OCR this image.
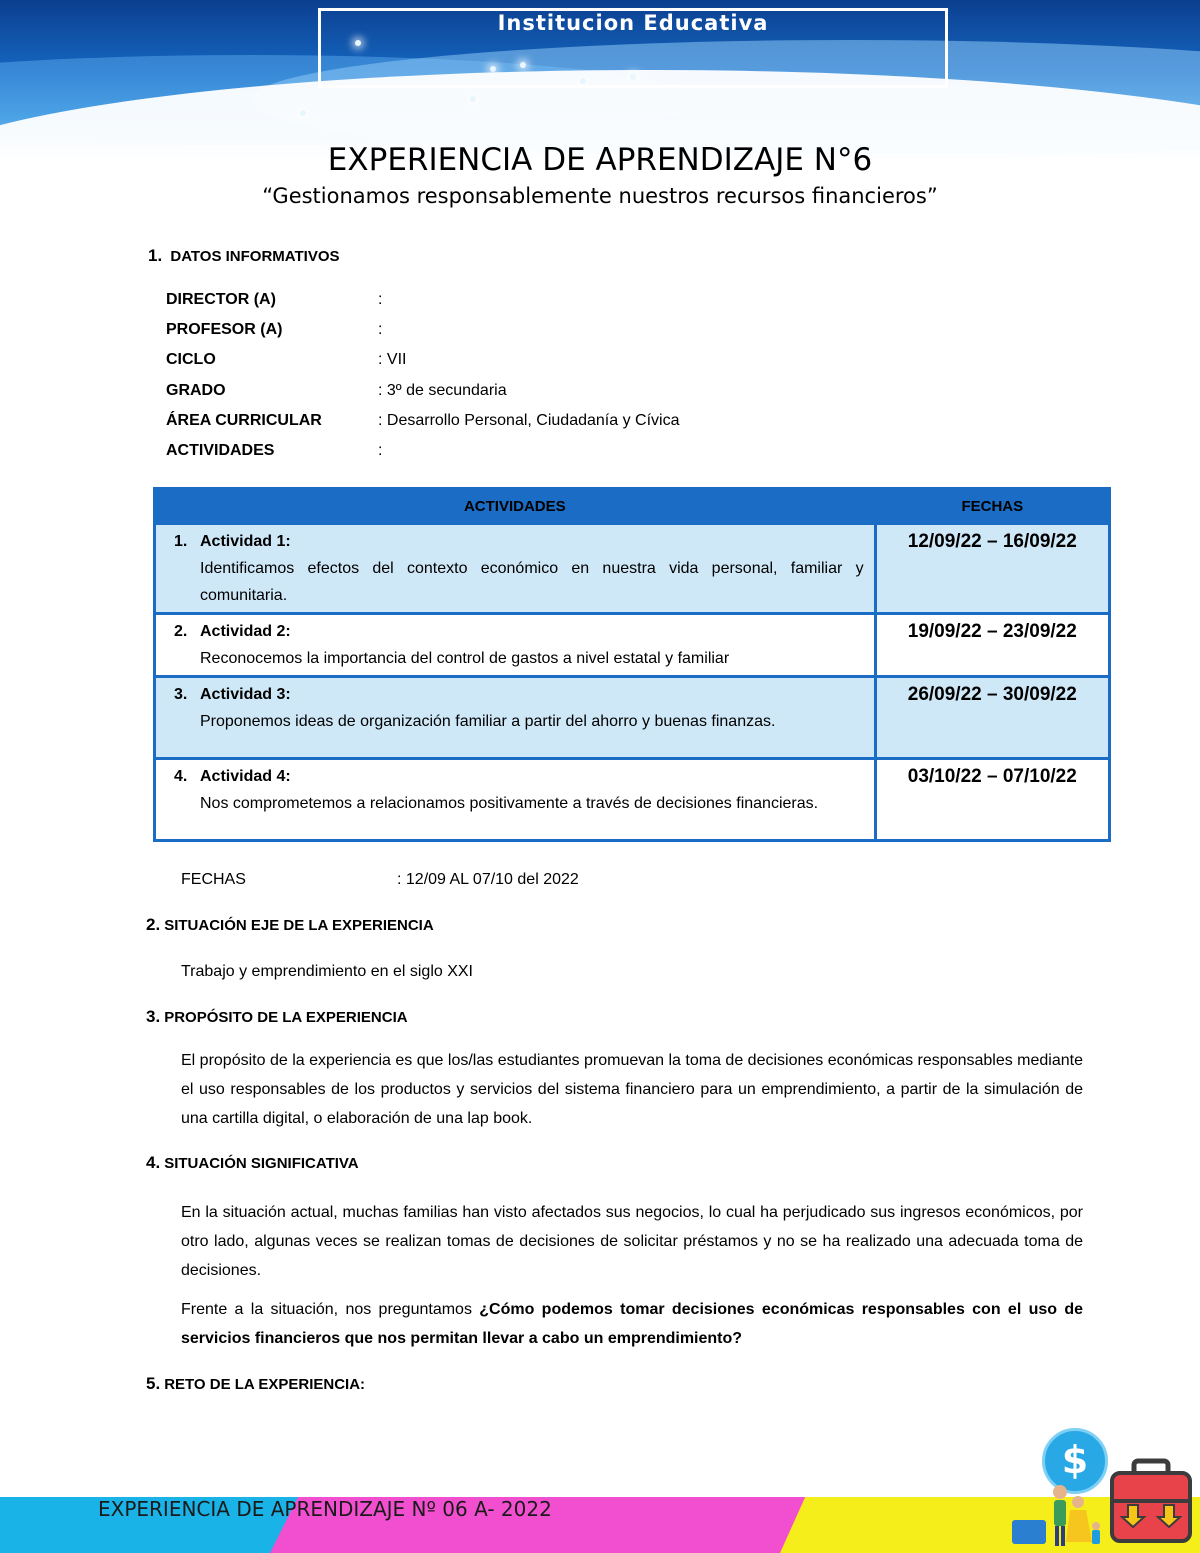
Institucion Educativa
EXPERIENCIA DE APRENDIZAJE N°6

“Gestionamos responsablemente nuestros recursos financieros”

1. DATOS INFORMATIVOS
DIRECTOR (A)	:
PROFESOR (A)	:
CICLO	: VII
GRADO	: 3º de secundaria
ÁREA CURRICULAR	: Desarrollo Personal, Ciudadanía y Cívica
ACTIVIDADES	:
ACTIVIDADES	FECHAS

1. Actividad 1:
Identificamos efectos del contexto económico en nuestra vida personal, familiar y comunitaria.	12/09/22 – 16/09/22

2. Actividad 2:
Reconocemos la importancia del control de gastos a nivel estatal y familiar	19/09/22 – 23/09/22

3. Actividad 3:
Proponemos ideas de organización familiar a partir del ahorro y buenas finanzas.	26/09/22 – 30/09/22

4. Actividad 4:
Nos comprometemos a relacionamos positivamente a través de decisiones financieras.	03/10/22 – 07/10/22
FECHAS	: 12/09 AL 07/10 del 2022
2. SITUACIÓN EJE DE LA EXPERIENCIA

Trabajo y emprendimiento en el siglo XXI

3. PROPÓSITO DE LA EXPERIENCIA

El propósito de la experiencia es que los/las estudiantes promuevan la toma de decisiones económicas responsables mediante el uso responsables de los productos y servicios del sistema financiero para un emprendimiento, a partir de la simulación de una cartilla digital, o elaboración de una lap book.

4. SITUACIÓN SIGNIFICATIVA

En la situación actual, muchas familias han visto afectados sus negocios, lo cual ha perjudicado sus ingresos económicos, por otro lado, algunas veces se realizan tomas de decisiones de solicitar préstamos y no se ha realizado una adecuada toma de decisiones.

Frente a la situación, nos preguntamos ¿Cómo podemos tomar decisiones económicas responsables con el uso de servicios financieros que nos permitan llevar a cabo un emprendimiento?

5. RETO DE LA EXPERIENCIA:
EXPERIENCIA DE APRENDIZAJE Nº 06 A- 2022
$
